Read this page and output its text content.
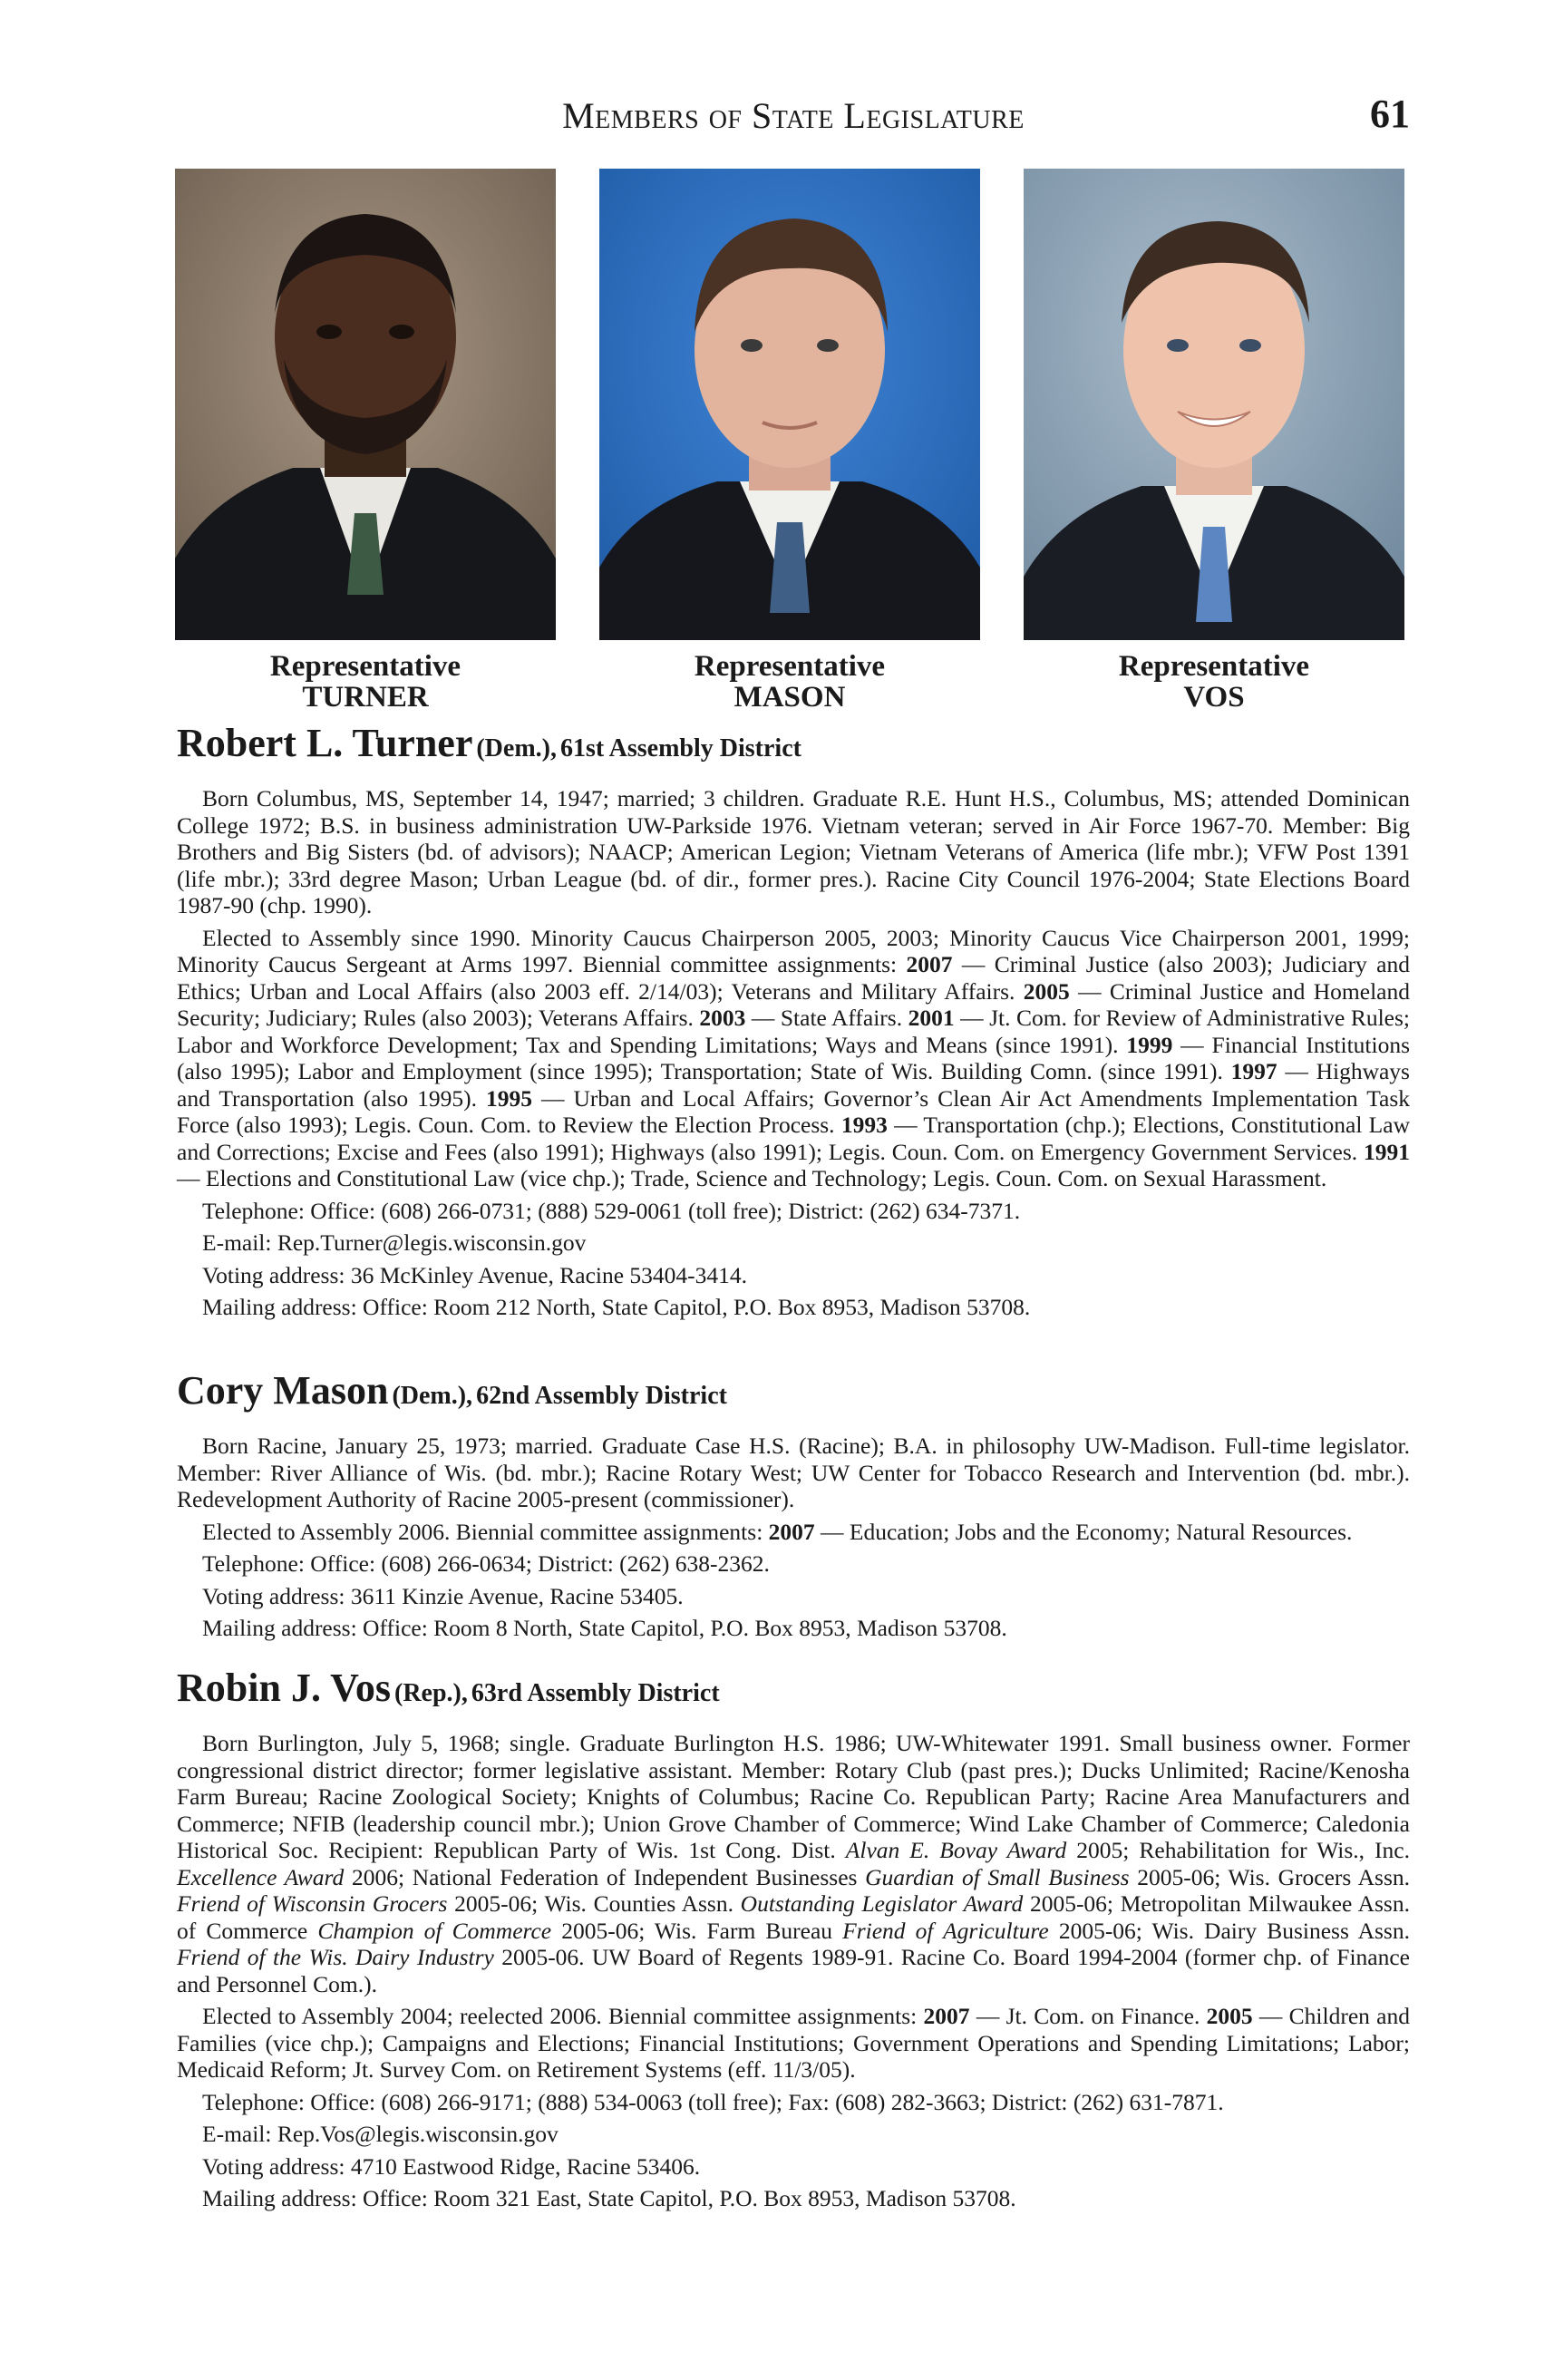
Members of State Legislature	61
Representative
TURNER
Representative
MASON
Representative
VOS
Robert L. Turner (Dem.), 61st Assembly District

Born Columbus, MS, September 14, 1947; married; 3 children. Graduate R.E. Hunt H.S., Columbus, MS; attended Dominican College 1972; B.S. in business administration UW-Parkside 1976. Vietnam veteran; served in Air Force 1967-70. Member: Big Brothers and Big Sisters (bd. of advisors); NAACP; American Legion; Vietnam Veterans of America (life mbr.); VFW Post 1391 (life mbr.); 33rd degree Mason; Urban League (bd. of dir., former pres.). Racine City Council 1976-2004; State Elections Board 1987-90 (chp. 1990).

Elected to Assembly since 1990. Minority Caucus Chairperson 2005, 2003; Minority Caucus Vice Chairperson 2001, 1999; Minority Caucus Sergeant at Arms 1997. Biennial committee assignments: 2007 — Criminal Justice (also 2003); Judiciary and Ethics; Urban and Local Affairs (also 2003 eff. 2/14/03); Veterans and Military Affairs. 2005 — Criminal Justice and Homeland Security; Judiciary; Rules (also 2003); Veterans Affairs. 2003 — State Affairs. 2001 — Jt. Com. for Review of Administrative Rules; Labor and Workforce Development; Tax and Spending Limitations; Ways and Means (since 1991). 1999 — Financial Institutions (also 1995); Labor and Employment (since 1995); Transportation; State of Wis. Building Comn. (since 1991). 1997 — Highways and Transportation (also 1995). 1995 — Urban and Local Affairs; Governor’s Clean Air Act Amendments Implementation Task Force (also 1993); Legis. Coun. Com. to Review the Election Process. 1993 — Transportation (chp.); Elections, Constitutional Law and Corrections; Excise and Fees (also 1991); Highways (also 1991); Legis. Coun. Com. on Emergency Government Services. 1991 — Elections and Constitutional Law (vice chp.); Trade, Science and Technology; Legis. Coun. Com. on Sexual Harassment.

Telephone: Office: (608) 266-0731; (888) 529-0061 (toll free); District: (262) 634-7371.

E-mail: Rep.Turner@legis.wisconsin.gov

Voting address: 36 McKinley Avenue, Racine 53404-3414.

Mailing address: Office: Room 212 North, State Capitol, P.O. Box 8953, Madison 53708.

Cory Mason (Dem.), 62nd Assembly District

Born Racine, January 25, 1973; married. Graduate Case H.S. (Racine); B.A. in philosophy UW-Madison. Full-time legislator. Member: River Alliance of Wis. (bd. mbr.); Racine Rotary West; UW Center for Tobacco Research and Intervention (bd. mbr.). Redevelopment Authority of Racine 2005-present (commissioner).

Elected to Assembly 2006. Biennial committee assignments: 2007 — Education; Jobs and the Economy; Natural Resources.

Telephone: Office: (608) 266-0634; District: (262) 638-2362.

Voting address: 3611 Kinzie Avenue, Racine 53405.

Mailing address: Office: Room 8 North, State Capitol, P.O. Box 8953, Madison 53708.

Robin J. Vos (Rep.), 63rd Assembly District

Born Burlington, July 5, 1968; single. Graduate Burlington H.S. 1986; UW-Whitewater 1991. Small business owner. Former congressional district director; former legislative assistant. Member: Rotary Club (past pres.); Ducks Unlimited; Racine/Kenosha Farm Bureau; Racine Zoological Society; Knights of Columbus; Racine Co. Republican Party; Racine Area Manufacturers and Commerce; NFIB (leadership council mbr.); Union Grove Chamber of Commerce; Wind Lake Chamber of Commerce; Caledonia Historical Soc. Recipient: Republican Party of Wis. 1st Cong. Dist. Alvan E. Bovay Award 2005; Rehabilitation for Wis., Inc. Excellence Award 2006; National Federation of Independent Businesses Guardian of Small Business 2005-06; Wis. Grocers Assn. Friend of Wisconsin Grocers 2005-06; Wis. Counties Assn. Outstanding Legislator Award 2005-06; Metropolitan Milwaukee Assn. of Commerce Champion of Commerce 2005-06; Wis. Farm Bureau Friend of Agriculture 2005-06; Wis. Dairy Business Assn. Friend of the Wis. Dairy Industry 2005-06. UW Board of Regents 1989-91. Racine Co. Board 1994-2004 (former chp. of Finance and Personnel Com.).

Elected to Assembly 2004; reelected 2006. Biennial committee assignments: 2007 — Jt. Com. on Finance. 2005 — Children and Families (vice chp.); Campaigns and Elections; Financial Institutions; Government Operations and Spending Limitations; Labor; Medicaid Reform; Jt. Survey Com. on Retirement Systems (eff. 11/3/05).

Telephone: Office: (608) 266-9171; (888) 534-0063 (toll free); Fax: (608) 282-3663; District: (262) 631-7871.

E-mail: Rep.Vos@legis.wisconsin.gov

Voting address: 4710 Eastwood Ridge, Racine 53406.

Mailing address: Office: Room 321 East, State Capitol, P.O. Box 8953, Madison 53708.
